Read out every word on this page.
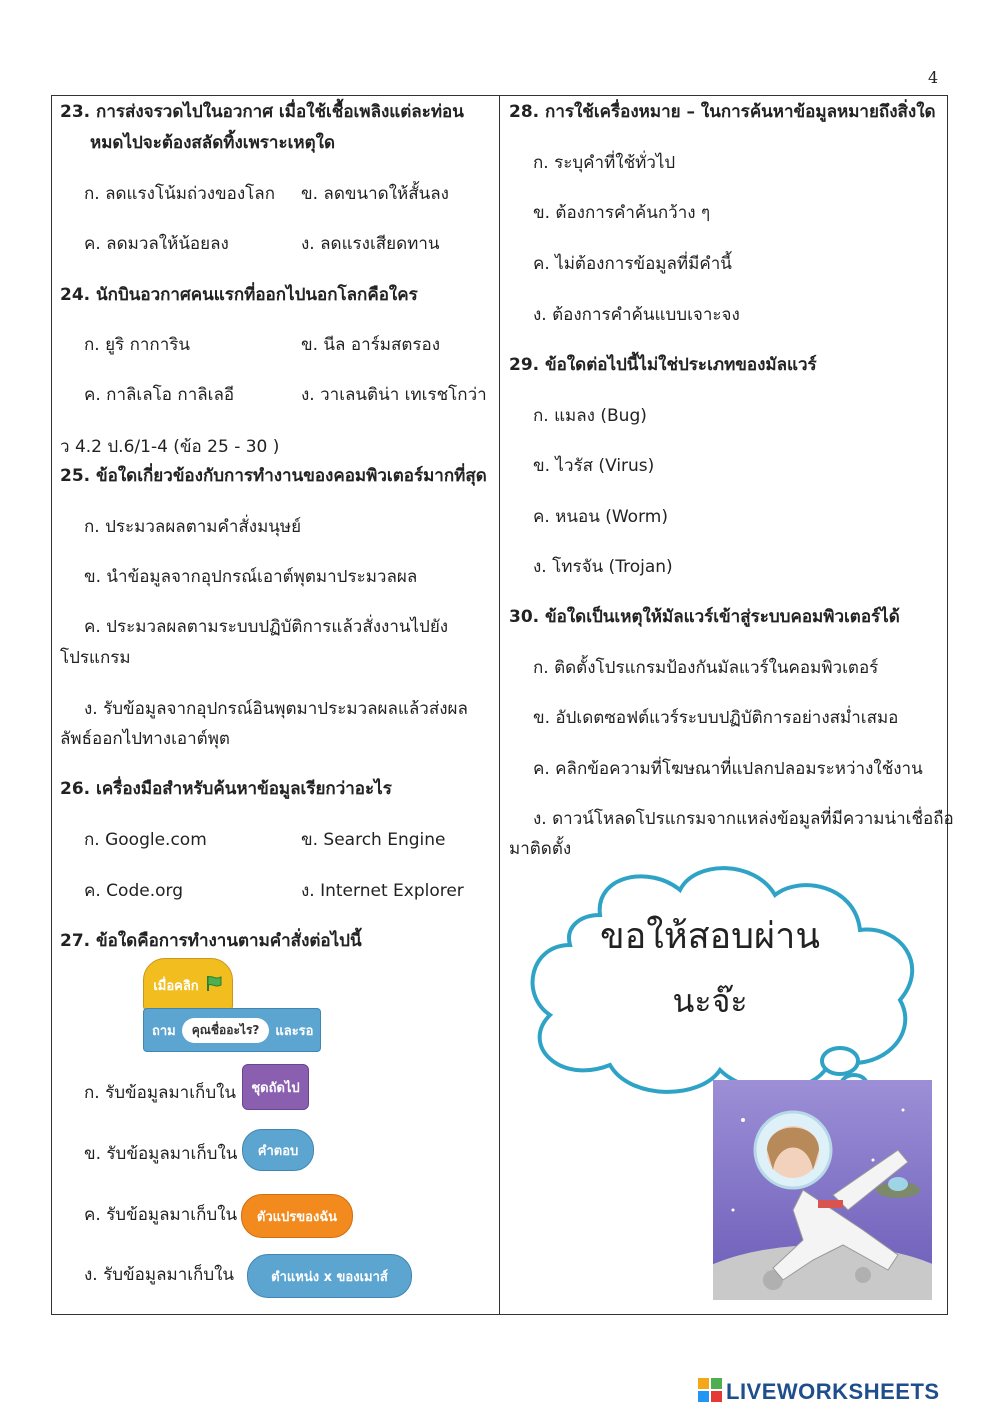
4
23. การส่งจรวดไปในอวกาศ เมื่อใช้เชื้อเพลิงแต่ละท่อน
หมดไปจะต้องสลัดทิ้งเพราะเหตุใด
ก. ลดแรงโน้มถ่วงของโลก ข. ลดขนาดให้สั้นลง
ค. ลดมวลให้น้อยลง	ง. ลดแรงเสียดทาน
24. นักบินอวกาศคนแรกที่ออกไปนอกโลกคือใคร
ก. ยูริ กาการิน	ข. นีล อาร์มสตรอง
ค. กาลิเลโอ กาลิเลอี	ง. วาเลนติน่า เทเรชโกว่า
ว 4.2 ป.6/1-4 (ข้อ 25 - 30 )
25. ข้อใดเกี่ยวข้องกับการทำงานของคอมพิวเตอร์มากที่สุด
ก. ประมวลผลตามคำสั่งมนุษย์
ข. นำข้อมูลจากอุปกรณ์เอาต์พุตมาประมวลผล
ค. ประมวลผลตามระบบปฏิบัติการแล้วสั่งงานไปยัง
โปรแกรม
ง. รับข้อมูลจากอุปกรณ์อินพุตมาประมวลผลแล้วส่งผล
ลัพธ์ออกไปทางเอาต์พุต
26. เครื่องมือสำหรับค้นหาข้อมูลเรียกว่าอะไร
ก. Google.com	ข. Search Engine
ค. Code.org	ง. Internet Explorer
27. ข้อใดคือการทำงานตามคำสั่งต่อไปนี้
เมื่อคลิก
ถาม	คุณชื่ออะไร?	และรอ
ก. รับข้อมูลมาเก็บใน	ชุดถัดไป
ข. รับข้อมูลมาเก็บใน	คำตอบ
ค. รับข้อมูลมาเก็บใน	ตัวแปรของฉัน
ง. รับข้อมูลมาเก็บใน	ตำแหน่ง x ของเมาส์
28. การใช้เครื่องหมาย – ในการค้นหาข้อมูลหมายถึงสิ่งใด
ก. ระบุคำที่ใช้ทั่วไป
ข. ต้องการคำค้นกว้าง ๆ
ค. ไม่ต้องการข้อมูลที่มีคำนี้
ง. ต้องการคำค้นแบบเจาะจง
29. ข้อใดต่อไปนี้ไม่ใช่ประเภทของมัลแวร์
ก. แมลง (Bug)
ข. ไวรัส (Virus)
ค. หนอน (Worm)
ง. โทรจัน (Trojan)
30. ข้อใดเป็นเหตุให้มัลแวร์เข้าสู่ระบบคอมพิวเตอร์ได้
ก. ติดตั้งโปรแกรมป้องกันมัลแวร์ในคอมพิวเตอร์
ข. อัปเดตซอฟต์แวร์ระบบปฏิบัติการอย่างสม่ำเสมอ
ค. คลิกข้อความที่โฆษณาที่แปลกปลอมระหว่างใช้งาน
ง. ดาวน์โหลดโปรแกรมจากแหล่งข้อมูลที่มีความน่าเชื่อถือ
มาติดตั้ง
ขอให้สอบผ่าน
นะจ๊ะ
LIVEWORKSHEETS
